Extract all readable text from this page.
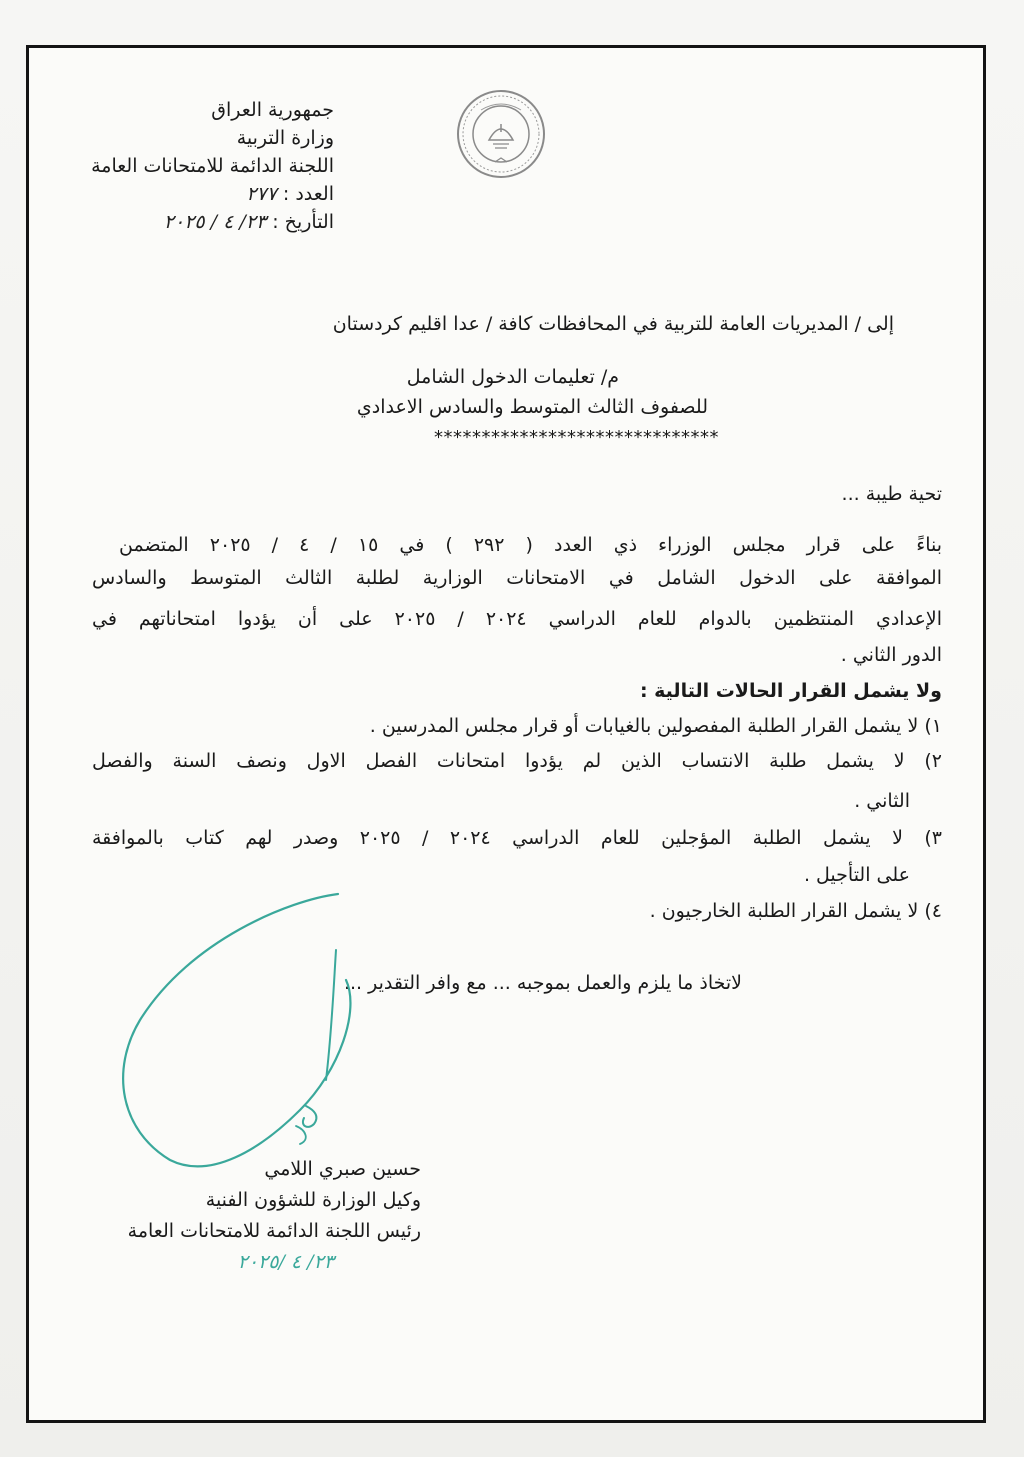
جمهورية العراق
وزارة التربية
اللجنة الدائمة للامتحانات العامة
العدد : ٢٧٧
التأريخ : ٢٣/ ٤ / ٢٠٢٥
إلى / المديريات العامة للتربية في المحافظات كافة / عدا اقليم كردستان
م/ تعليمات الدخول الشامل
للصفوف الثالث المتوسط والسادس الاعدادي
******************************
تحية طيبة ...
بناءً على قرار مجلس الوزراء ذي العدد ( ٢٩٢ ) في ١٥ / ٤ / ٢٠٢٥ المتضمن
الموافقة على الدخول الشامل في الامتحانات الوزارية لطلبة الثالث المتوسط والسادس
الإعدادي المنتظمين بالدوام للعام الدراسي ٢٠٢٤ / ٢٠٢٥ على أن يؤدوا امتحاناتهم في
الدور الثاني .
ولا يشمل القرار الحالات التالية :
١) لا يشمل القرار الطلبة المفصولين بالغيابات أو قرار مجلس المدرسين .
٢) لا يشمل طلبة الانتساب الذين لم يؤدوا امتحانات الفصل الاول ونصف السنة والفصل
الثاني .
٣) لا يشمل الطلبة المؤجلين للعام الدراسي ٢٠٢٤ / ٢٠٢٥ وصدر لهم كتاب بالموافقة
على التأجيل .
٤) لا يشمل القرار الطلبة الخارجيون .
لاتخاذ ما يلزم والعمل بموجبه ... مع وافر التقدير ...
حسين صبري اللامي
وكيل الوزارة للشؤون الفنية
رئيس اللجنة الدائمة للامتحانات العامة
٢٣/ ٤ /٢٠٢٥
